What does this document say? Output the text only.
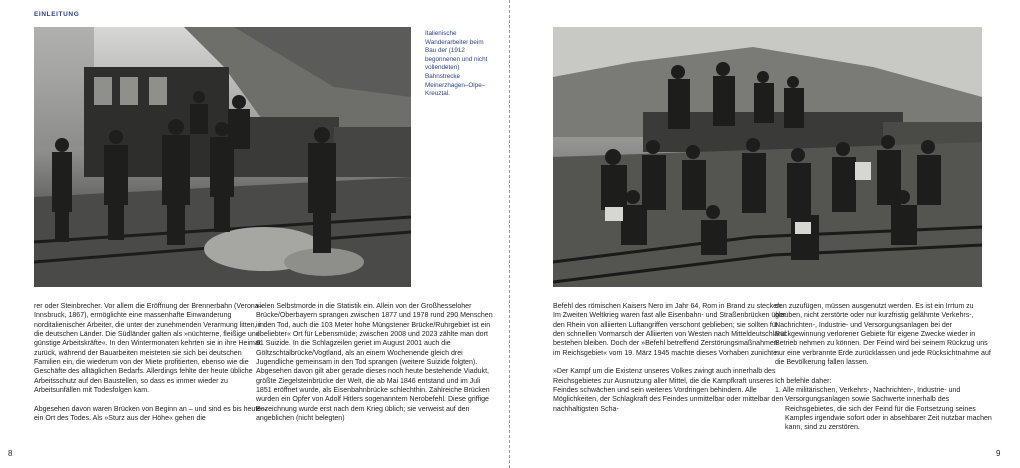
EINLEITUNG
Italienische Wanderarbeiter beim Bau der (1912 begonnenen und nicht vollendeten) Bahnstrecke Meinerzhagen–Olpe–Kreuztal.

rer oder Steinbrecher. Vor allem die Eröffnung der Brennerbahn (Verona–Innsbruck, 1867), ermöglichte eine massenhafte Einwanderung norditalienischer Arbeiter, die unter der zunehmenden Verarmung litten, in die deutschen Länder. Die Südländer galten als »nüchterne, fleißige und günstige Arbeitskräfte«. In den Wintermonaten kehrten sie in ihre Heimat zurück, während der Bauarbeiten meisteten sie sich bei deutschen Familien ein, die wiederum von der Miete profitierten, ebenso wie die Geschäfte des alltäglichen Bedarfs. Allerdings fehlte der heute übliche Arbeitsschutz auf den Baustellen, so dass es immer wieder zu Arbeitsunfällen mit Todesfolgen kam.

Abgesehen davon waren Brücken von Beginn an – und sind es bis heute – ein Ort des Todes. Als »Sturz aus der Höhe« gehen die

vielen Selbstmorde in die Statistik ein. Allein von der Großhesseloher Brücke/Oberbayern sprangen zwischen 1877 und 1978 rund 290 Menschen in den Tod, auch die 103 Meter hohe Müngstener Brücke/Ruhrgebiet ist ein »beliebter« Ort für Lebensmüde; zwischen 2008 und 2023 zählte man dort 61 Suizide. In die Schlagzeilen geriet im August 2001 auch die Göltzschtalbrücke/Vogtland, als an einem Wochenende gleich drei Jugendliche gemeinsam in den Tod sprangen (weitere Suizide folgten). Abgesehen davon gilt aber gerade dieses noch heute bestehende Viadukt, größte Ziegelsteinbrücke der Welt, die ab Mai 1846 entstand und im Juli 1851 eröffnet wurde, als Eisenbahnbrücke schlechthin. Zahlreiche Brücken wurden ein Opfer von Adolf Hitlers sogenanntem Nerobefehl. Diese griffige Bezeichnung wurde erst nach dem Krieg üblich; sie verweist auf den angeblichen (nicht belegten)

8

Befehl des römischen Kaisers Nero im Jahr 64, Rom in Brand zu stecken. Im Zweiten Weltkrieg waren fast alle Eisenbahn- und Straßenbrücken über den Rhein von alliierten Luftangriffen verschont geblieben; sie sollten für den schnellen Vormarsch der Alliierten von Westen nach Mitteldeutschland bestehen bleiben. Doch der »Befehl betreffend Zerstörungsmaßnahmen im Reichsgebiet« vom 19. März 1945 machte dieses Vorhaben zunichte:

»Der Kampf um die Existenz unseres Volkes zwingt auch innerhalb des Reichsgebietes zur Ausnutzung aller Mittel, die die Kampfkraft unseres Feindes schwächen und sein weiteres Vordringen behindern. Alle Möglichkeiten, der Schlagkraft des Feindes unmittelbar oder mittelbar den nachhaltigsten Scha-

den zuzufügen, müssen ausgenutzt werden. Es ist ein Irrtum zu glauben, nicht zerstörte oder nur kurzfristig gelähmte Verkehrs-, Nachrichten-, Industrie- und Versorgungsanlagen bei der Rückgewinnung verlorener Gebiete für eigene Zwecke wieder in Betrieb nehmen zu können. Der Feind wird bei seinem Rückzug uns nur eine verbrannte Erde zurücklassen und jede Rücksichtnahme auf die Bevölkerung fallen lassen.

Ich befehle daher:

1. Alle militärischen, Verkehrs-, Nachrichten-, Industrie- und Versorgungsanlagen sowie Sachwerte innerhalb des Reichsgebietes, die sich der Feind für die Fortsetzung seines Kampfes irgendwie sofort oder in absehbarer Zeit nutzbar machen kann, sind zu zerstören.

9
